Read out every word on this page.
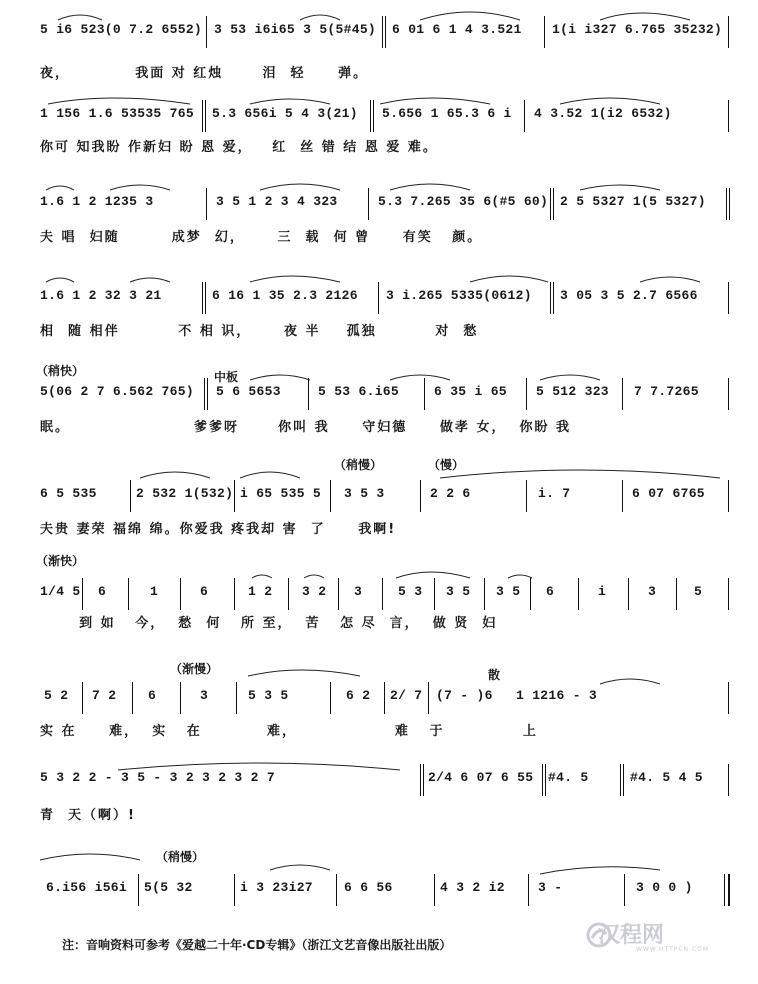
5 i6 523(0 7.2 6552) 3 53 i6i65 3 5(5#45) 6 01 6 1 4 3.521 1(i i327 6.765 35232)
夜，          我面 对 红烛      泪  轻     弹。
1 156 1.6 53535 765 5.3 656i 5 4 3(21) 5.656 1 65.3 6 i 4 3.52 1(i2 6532)
你可 知我盼 作新妇 盼 恩 爱，   红  丝 错 结 恩 爱 难。
1.6 1 2 1235 3	3 5 1 2 3 4 323	5.3 7.265 35 6(#5 60) 2 5 5327 1(5 5327)
夫 唱  妇随        成梦  幻，     三  载  何 曾     有笑   颜。
1.6 1 2 32 3 21	6 16 1 35 2.3 2126 3 i.265 5335(0612) 3 05 3 5 2.7 6566
相  随 相伴         不 相 识，     夜 半    孤独         对  愁
（稍快）	中板
5(06 2 7 6.562 765) 5 6 5653	5 53 6.i65	6 35 i 65 5 512 323 7 7.7265
眠。                   爹爹呀      你叫 我     守妇德     做孝 女，  你盼 我
（稍慢）	（慢）
6 5 535	2 532 1(532) i 65 535 5 3 5 3	2 2 6	i. 7	6 07 6765
夫贵 妻荣 福绵 绵。你爱我 疼我却 害  了     我啊!
（渐快）
1/4 5 6	1	6	1 2 3 2 3	5 3 3 5 3 5 6	i	3	5
到 如   今，  愁  何   所 至，  苦   怎 尽  言，  做 贤  妇
（渐慢）	散
5 2 7 2 6	3	5 3 5	6 2 2/ 7 (7 - )6 1 1216 - 3
实 在     难，  实   在          难，               难   于            上
5 3 2 2 - 3 5 - 3 2 3 2 3 2 7	2/4 6 07 6 55 #4. 5	#4. 5 4 5
青  天（啊）!
（稍慢）
6.i56 i56i 5(5 32	i 3 23i27 6 6 56	4 3 2 i2	3 -	3 0 0 )
注：音响资料可参考《爱越二十年·CD专辑》（浙江文艺音像出版社出版）	汉程网
WWW.HTTPCN.COM
